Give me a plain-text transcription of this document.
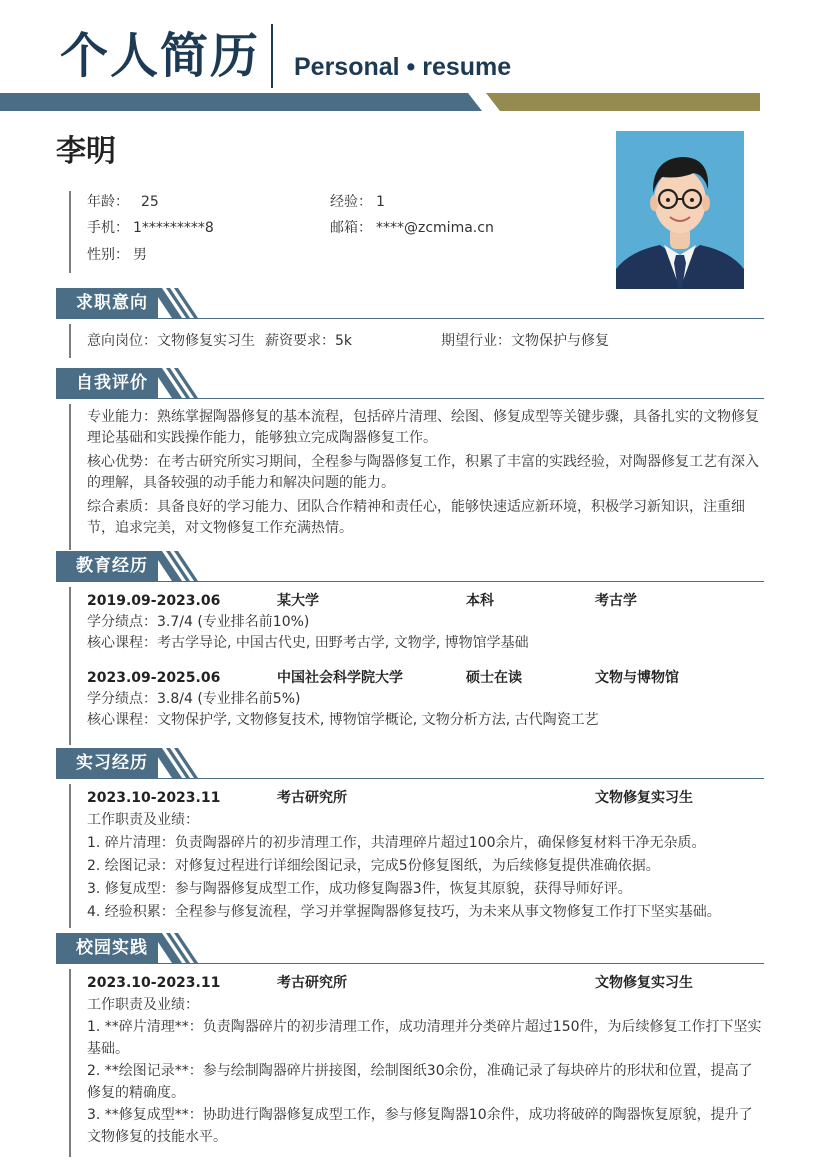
个人简历 Personal • resume
李明
年龄： 25	经验： 1
手机： 1*********8	邮箱： ****@zcmima.cn
性别： 男
求职意向
意向岗位：文物修复实习生 薪资要求：5k	期望行业：文物保护与修复
自我评价
专业能力：熟练掌握陶器修复的基本流程，包括碎片清理、绘图、修复成型等关键步骤，具备扎实的文物修复理论基础和实践操作能力，能够独立完成陶器修复工作。
核心优势：在考古研究所实习期间，全程参与陶器修复工作，积累了丰富的实践经验，对陶器修复工艺有深入的理解，具备较强的动手能力和解决问题的能力。
综合素质：具备良好的学习能力、团队合作精神和责任心，能够快速适应新环境，积极学习新知识，注重细节，追求完美，对文物修复工作充满热情。
教育经历
2019.09-2023.06	某大学	本科	考古学
学分绩点：3.7/4 (专业排名前10%)
核心课程：考古学导论, 中国古代史, 田野考古学, 文物学, 博物馆学基础
2023.09-2025.06	中国社会科学院大学	硕士在读	文物与博物馆
学分绩点：3.8/4 (专业排名前5%)
核心课程：文物保护学, 文物修复技术, 博物馆学概论, 文物分析方法, 古代陶瓷工艺
实习经历
2023.10-2023.11	考古研究所	文物修复实习生
工作职责及业绩：
1. 碎片清理：负责陶器碎片的初步清理工作，共清理碎片超过100余片，确保修复材料干净无杂质。
2. 绘图记录：对修复过程进行详细绘图记录，完成5份修复图纸，为后续修复提供准确依据。
3. 修复成型：参与陶器修复成型工作，成功修复陶器3件，恢复其原貌，获得导师好评。
4. 经验积累：全程参与修复流程，学习并掌握陶器修复技巧，为未来从事文物修复工作打下坚实基础。
校园实践
2023.10-2023.11	考古研究所	文物修复实习生
工作职责及业绩：
1. **碎片清理**：负责陶器碎片的初步清理工作，成功清理并分类碎片超过150件，为后续修复工作打下坚实基础。
2. **绘图记录**：参与绘制陶器碎片拼接图，绘制图纸30余份，准确记录了每块碎片的形状和位置，提高了修复的精确度。
3. **修复成型**：协助进行陶器修复成型工作，参与修复陶器10余件，成功将破碎的陶器恢复原貌，提升了文物修复的技能水平。
